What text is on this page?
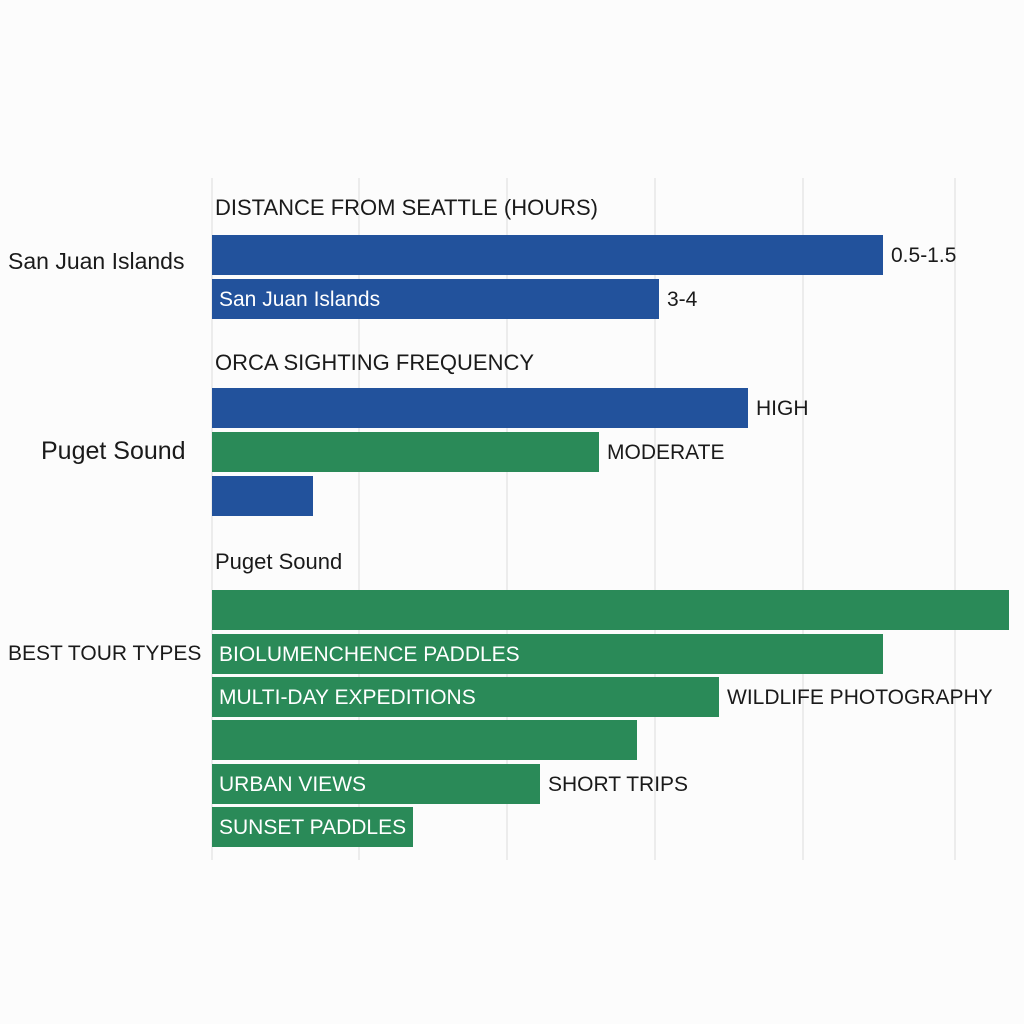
San Juan Islands
Puget Sound
BEST TOUR TYPES
DISTANCE FROM SEATTLE (HOURS)
0.5-1.5
San Juan Islands	3-4
ORCA SIGHTING FREQUENCY
HIGH
MODERATE
Puget Sound
BIOLUMENCHENCE PADDLES
MULTI-DAY EXPEDITIONS	WILDLIFE PHOTOGRAPHY
URBAN VIEWS	SHORT TRIPS
SUNSET PADDLES
